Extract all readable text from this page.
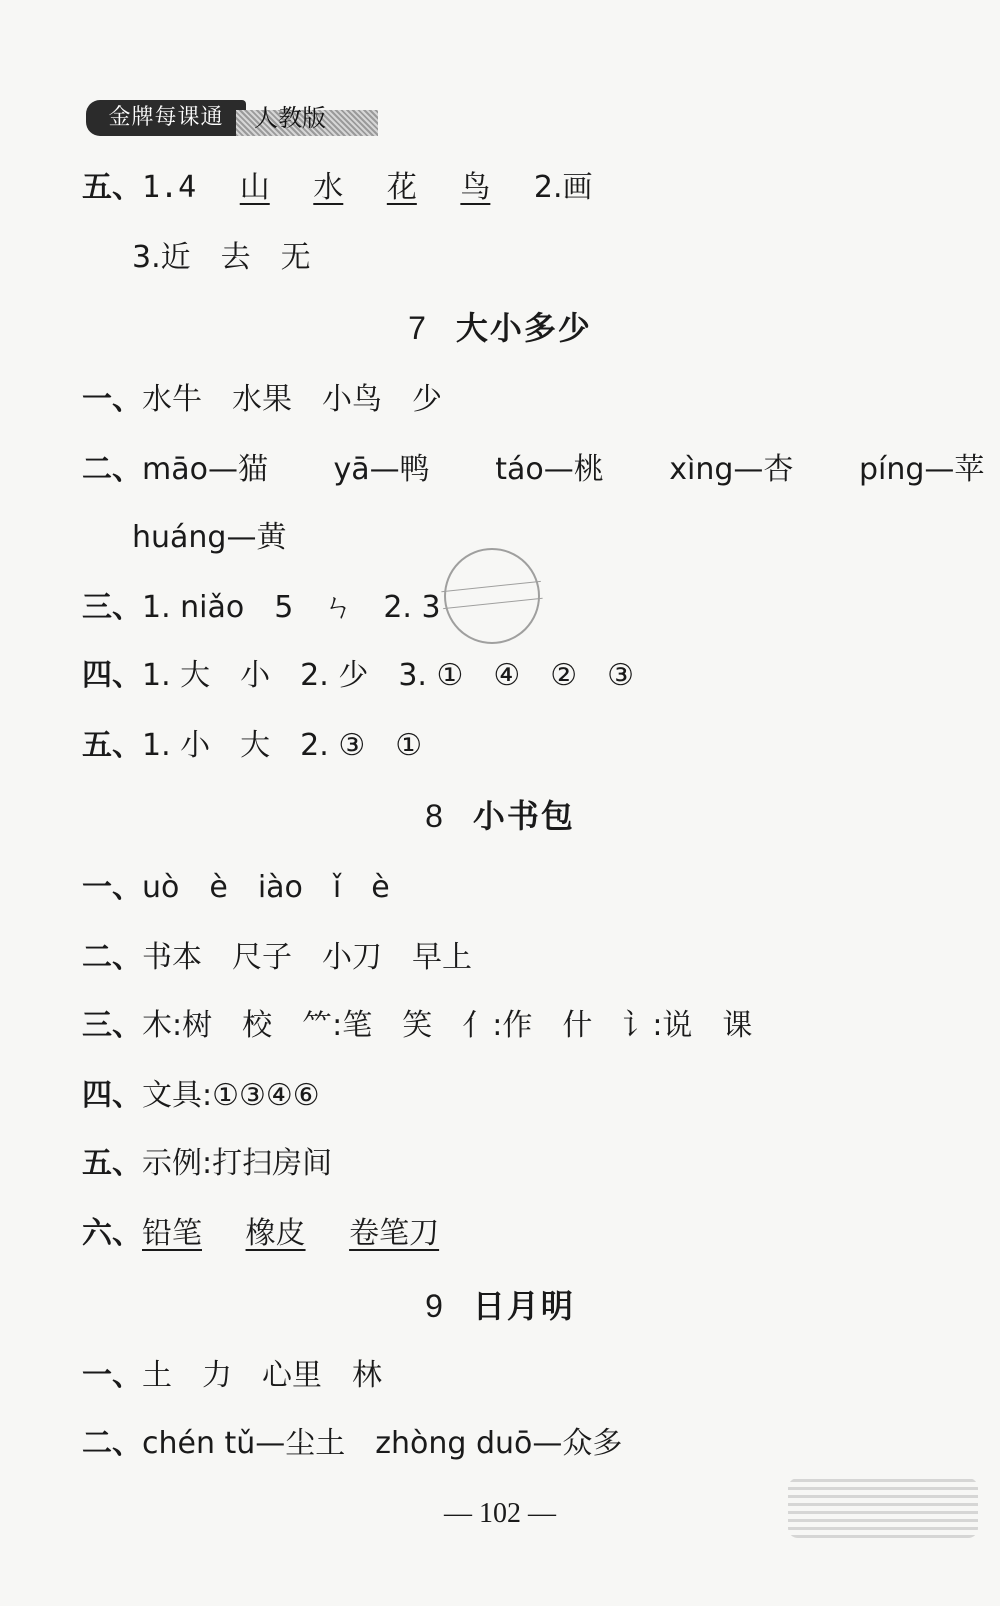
金牌每课通	人教版
五、1.4 山 水 花 鸟 2.画
3.近　去　无
7 大小多少
一、水牛　水果　小鸟　少
二、māo—猫 yā—鸭 táo—桃 xìng—杏 píng—苹
huáng—黄
三、1. niǎo　5　ㄣ　2. 3
四、1. 大　小　2. 少　3. ①　④　②　③
五、1. 小　大　2. ③　①
8 小书包
一、uò　è　iào　ǐ　è
二、书本　尺子　小刀　早上
三、木:树　校　⺮:笔　笑　亻:作　什　讠:说　课
四、文具:①③④⑥
五、示例:打扫房间
六、铅笔 橡皮 卷笔刀
9 日月明
一、土　力　心里　林
二、chén tǔ—尘土　zhòng duō—众多
— 102 —
